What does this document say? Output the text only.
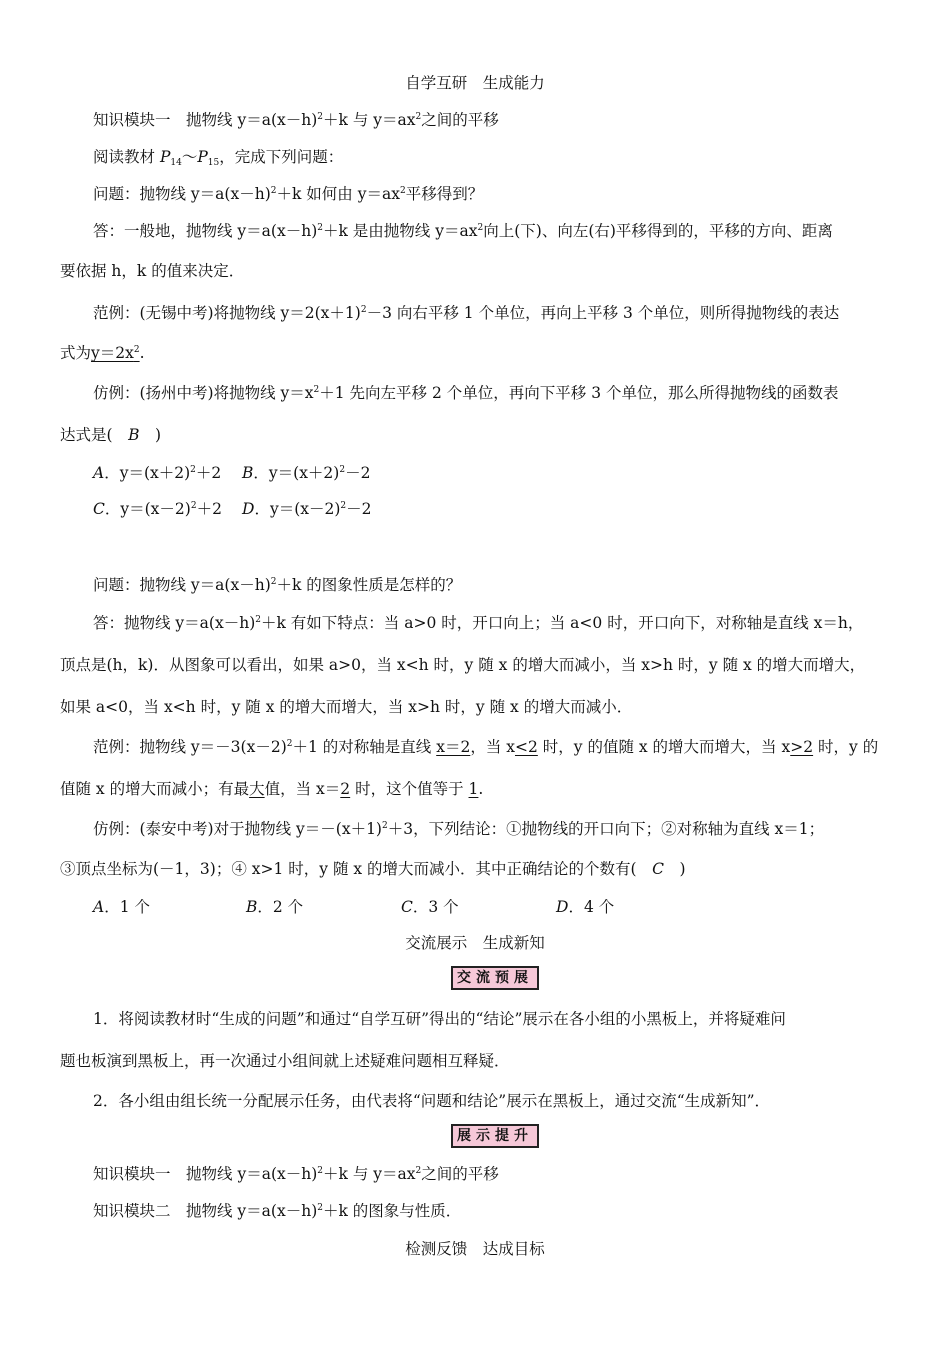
自学互研　生成能力
知识模块一　抛物线 $y=a(x-h)^2+k$ 与 $y=ax^2$之间的平移
阅读教材 $P_{14}\sim P_{15}$，完成下列问题：
问题：抛物线 $y=a(x-h)^2+k$ 如何由 $y=ax^2$平移得到？
答：一般地，抛物线 $y=a(x-h)^2+k$ 是由抛物线 $y=ax^2$向上(下)、向左(右)平移得到的，平移的方向、距离
要依据 h，k 的值来决定．
范例：(无锡中考)将抛物线 $y=2(x+1)^2-3$ 向右平移 1 个单位，再向上平移 3 个单位，则所得抛物线的表达
式为$y=2x^2$.
仿例：(扬州中考)将抛物线 $y=x^2+1$ 先向左平移 2 个单位，再向下平移 3 个单位，那么所得抛物线的函数表
达式是(　B　)
A．$y=(x+2)^2+2$ B．$y=(x+2)^2-2$
C．$y=(x-2)^2+2$ D．$y=(x-2)^2-2$
问题：抛物线 $y=a(x-h)^2+k$ 的图象性质是怎样的？
答：抛物线 $y=a(x-h)^2+k$ 有如下特点：当 a>0 时，开口向上；当 a<0 时，开口向下，对称轴是直线 x＝h，
顶点是(h，k)．从图象可以看出，如果 a>0，当 x<h 时，y 随 x 的增大而减小，当 x>h 时，y 随 x 的增大而增大，
如果 a<0，当 x<h 时，y 随 x 的增大而增大，当 x>h 时，y 随 x 的增大而减小．
范例：抛物线 $y=-3(x-2)^2+1$ 的对称轴是直线 x＝2，当 x<2 时，y 的值随 x 的增大而增大，当 x>2 时，y 的
值随 x 的增大而减小；有最大值，当 x＝2 时，这个值等于 1.
仿例：(泰安中考)对于抛物线 $y=-(x+1)^2+3$，下列结论：①抛物线的开口向下；②对称轴为直线 x＝1；
③顶点坐标为(－1，3)；④ x>1 时，y 随 x 的增大而减小．其中正确结论的个数有(　C　)
A．1 个	B．2 个	C．3 个	D．4 个
交流展示　生成新知
交流预展
1．将阅读教材时“生成的问题”和通过“自学互研”得出的“结论”展示在各小组的小黑板上，并将疑难问
题也板演到黑板上，再一次通过小组间就上述疑难问题相互释疑．
2．各小组由组长统一分配展示任务，由代表将“问题和结论”展示在黑板上，通过交流“生成新知”．
展示提升
知识模块一　抛物线 $y=a(x-h)^2+k$ 与 $y=ax^2$之间的平移
知识模块二　抛物线 $y=a(x-h)^2+k$ 的图象与性质．
检测反馈　达成目标
